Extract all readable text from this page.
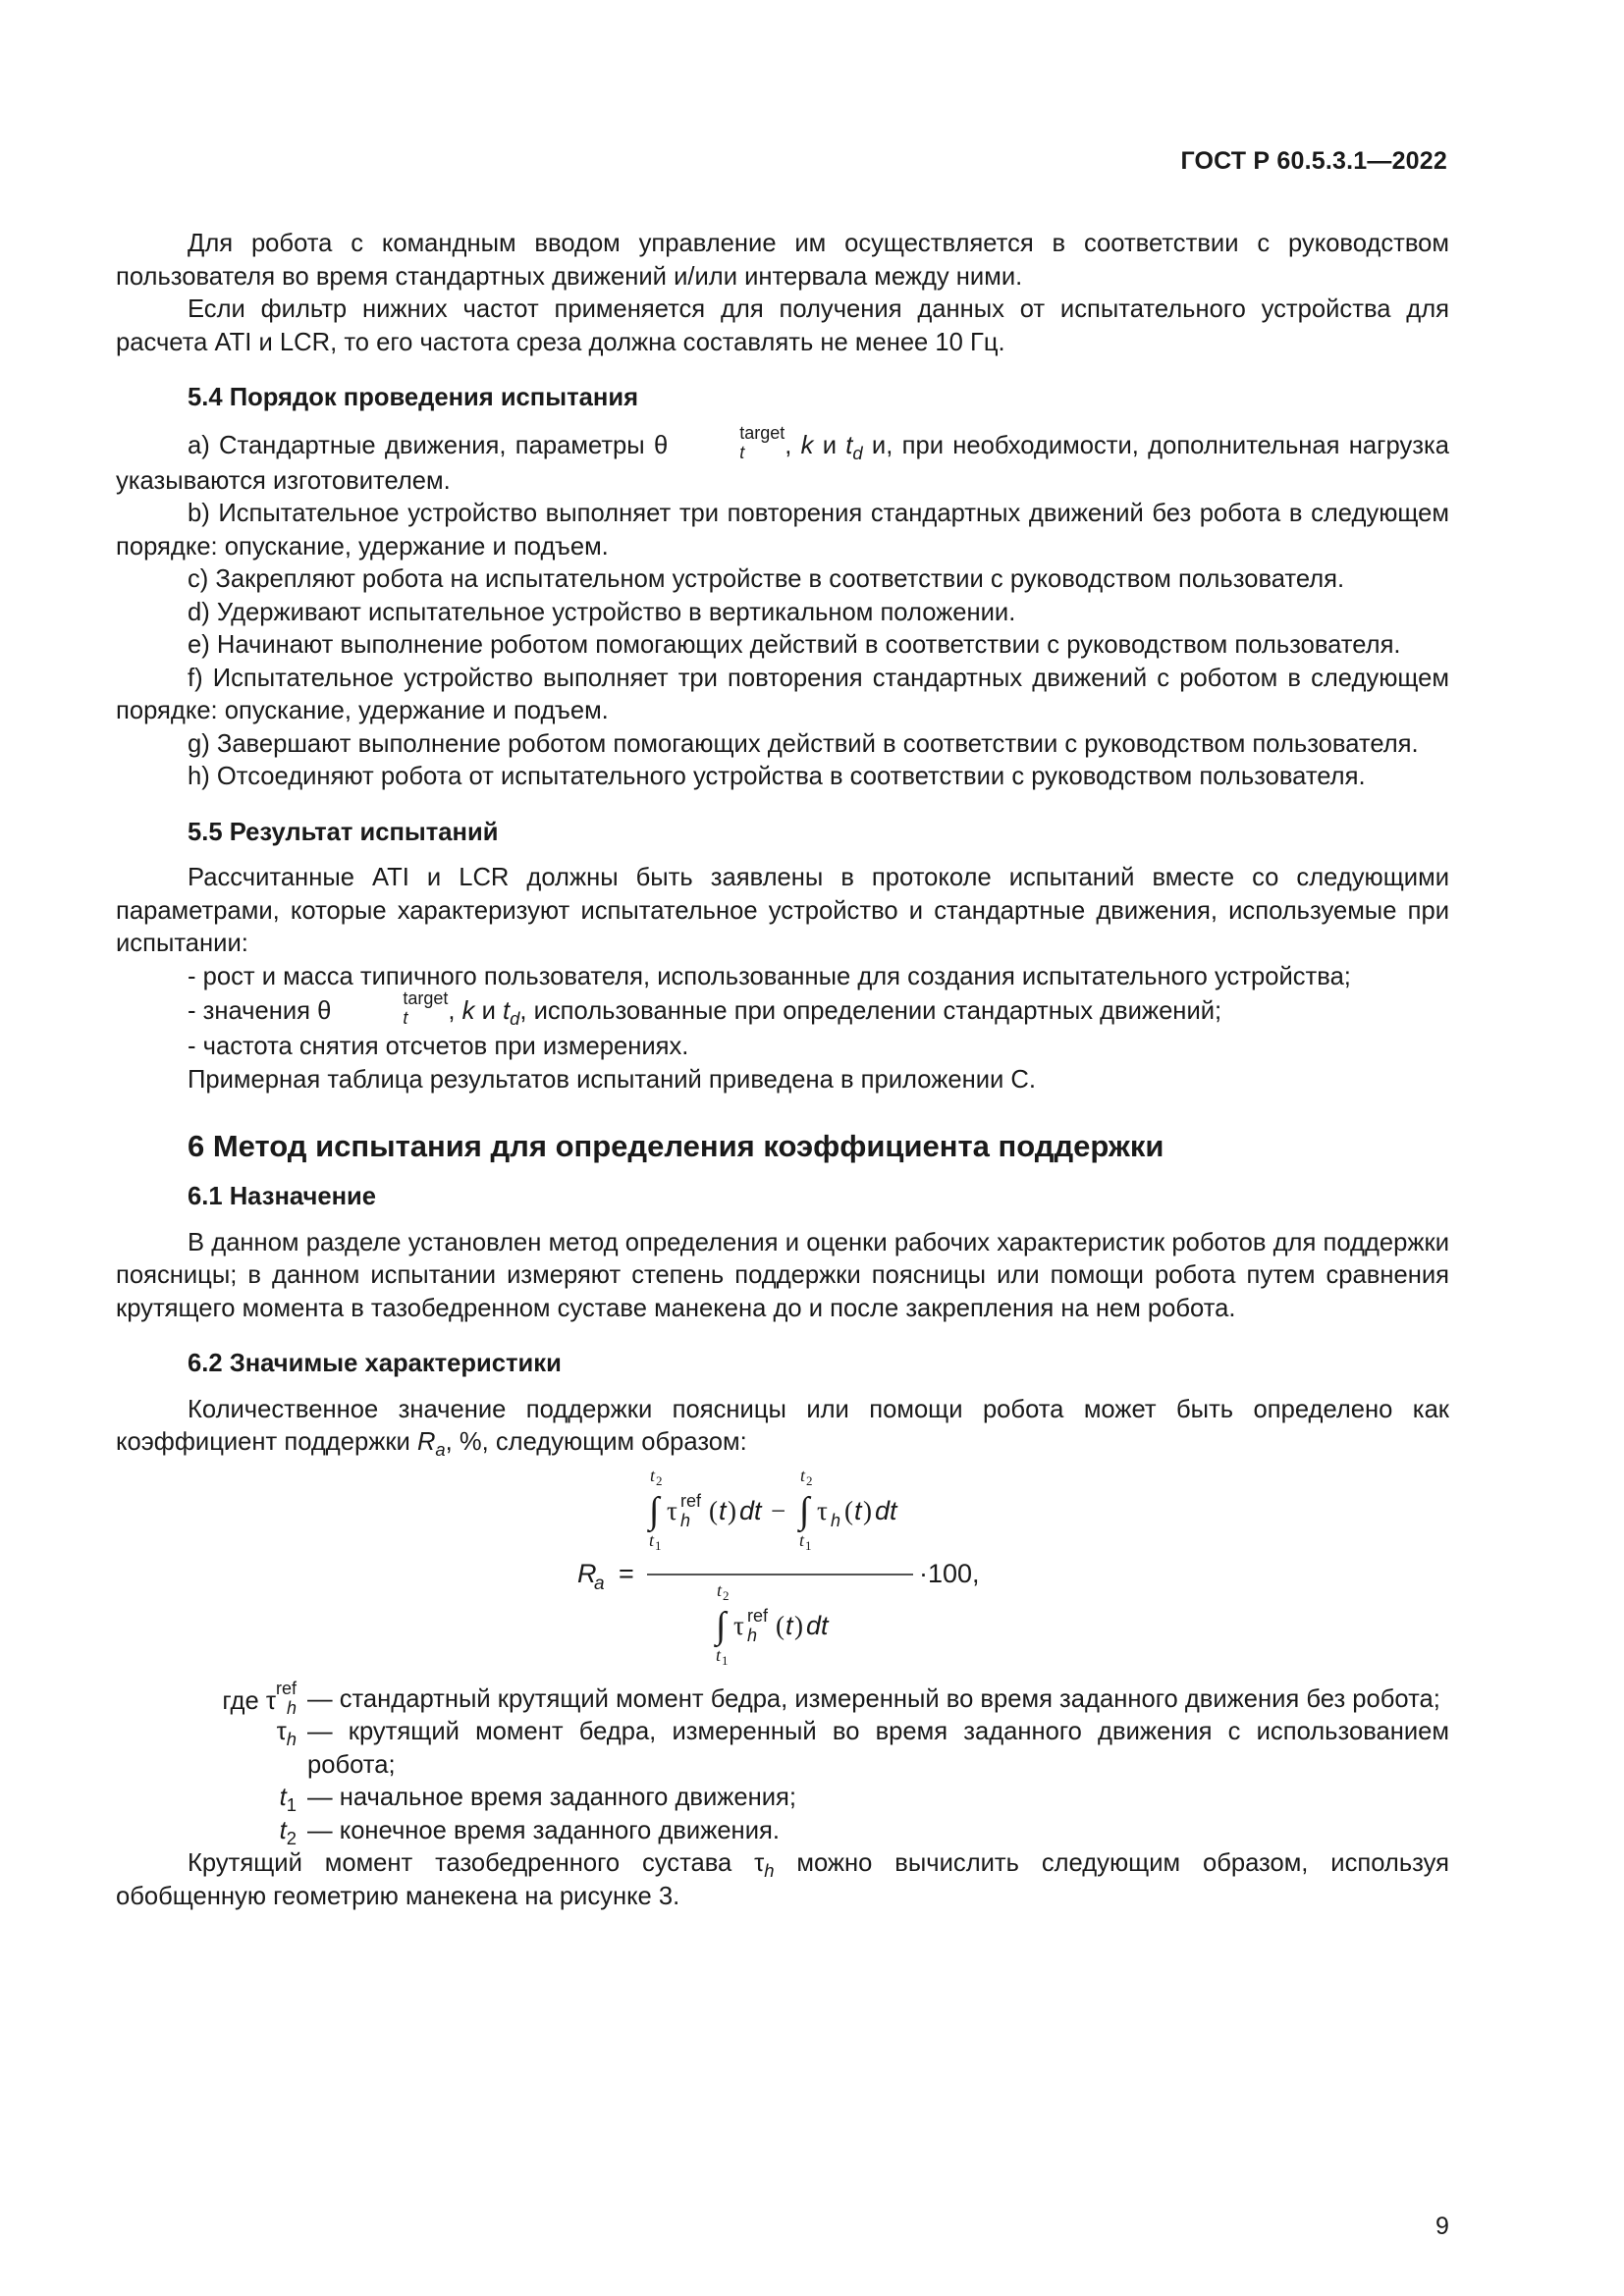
ГОСТ Р 60.5.3.1—2022

Для робота с командным вводом управление им осуществляется в соответствии с руководством пользователя во время стандартных движений и/или интервала между ними.

Если фильтр нижних частот применяется для получения данных от испытательного устройства для расчета ATI и LCR, то его частота среза должна составлять не менее 10 Гц.

5.4 Порядок проведения испытания

a) Стандартные движения, параметры θ	target
t	, k и $t_d$ и, при необходимости, дополнительная нагрузка указываются изготовителем.

b) Испытательное устройство выполняет три повторения стандартных движений без робота в следующем порядке: опускание, удержание и подъем.

c) Закрепляют робота на испытательном устройстве в соответствии с руководством пользователя.

d) Удерживают испытательное устройство в вертикальном положении.

e) Начинают выполнение роботом помогающих действий в соответствии с руководством пользователя.

f) Испытательное устройство выполняет три повторения стандартных движений с роботом в следующем порядке: опускание, удержание и подъем.

g) Завершают выполнение роботом помогающих действий в соответствии с руководством пользователя.

h) Отсоединяют робота от испытательного устройства в соответствии с руководством пользователя.

5.5 Результат испытаний

Рассчитанные ATI и LCR должны быть заявлены в протоколе испытаний вместе со следующими параметрами, которые характеризуют испытательное устройство и стандартные движения, используемые при испытании:

- рост и масса типичного пользователя, использованные для создания испытательного устройства;

- значения θ	target
t	, k и $t_d$, использованные при определении стандартных движений;

- частота снятия отсчетов при измерениях.

Примерная таблица результатов испытаний приведена в приложении С.

6 Метод испытания для определения коэффициента поддержки
6.1 Назначение

В данном разделе установлен метод определения и оценки рабочих характеристик роботов для поддержки поясницы; в данном испытании измеряют степень поддержки поясницы или помощи робота путем сравнения крутящего момента в тазобедренном суставе манекена до и после закрепления на нем робота.

6.2 Значимые характеристики

Количественное значение поддержки поясницы или помощи робота может быть определено как коэффициент поддержки $R_a$, %, следующим образом:

R
a =
t 2
∫
t 1
τ ref
h ( t ) dt −
t 2
∫
t 1
τ h ( t ) dt
·100,
t 2
∫
t 1
τ ref
h ( t ) dt

где τ ref
h — стандартный крутящий момент бедра, измеренный во время заданного движения без робота;

$\tau_h$ — крутящий момент бедра, измеренный во время заданного движения с использованием робота;

$t_1$ — начальное время заданного движения;

$t_2$ — конечное время заданного движения.

Крутящий момент тазобедренного сустава $\tau_h$ можно вычислить следующим образом, используя обобщенную геометрию манекена на рисунке 3.

9
